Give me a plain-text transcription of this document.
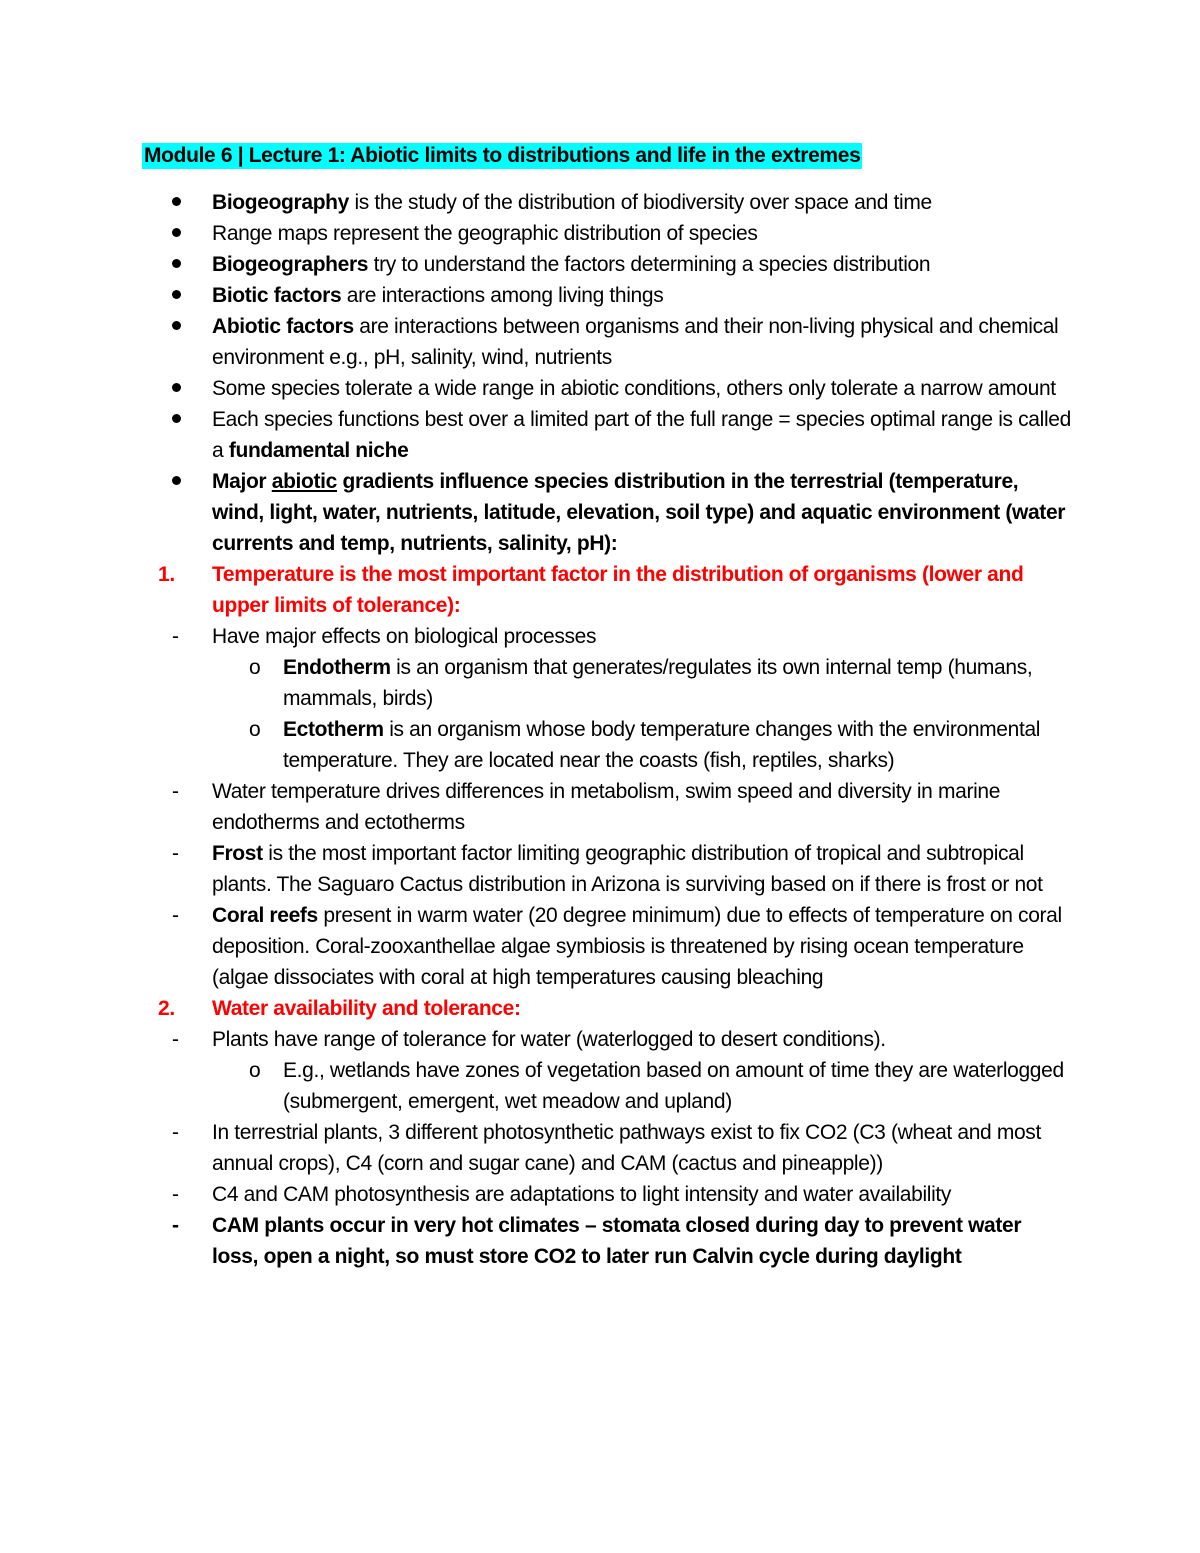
Module 6 | Lecture 1: Abiotic limits to distributions and life in the extremes
Biogeography is the study of the distribution of biodiversity over space and time
Range maps represent the geographic distribution of species
Biogeographers try to understand the factors determining a species distribution
Biotic factors are interactions among living things
Abiotic factors are interactions between organisms and their non-living physical and chemical environment e.g., pH, salinity, wind, nutrients
Some species tolerate a wide range in abiotic conditions, others only tolerate a narrow amount
Each species functions best over a limited part of the full range = species optimal range is called a fundamental niche
Major abiotic gradients influence species distribution in the terrestrial (temperature, wind, light, water, nutrients, latitude, elevation, soil type) and aquatic environment (water currents and temp, nutrients, salinity, pH):
1. Temperature is the most important factor in the distribution of organisms (lower and upper limits of tolerance):
- Have major effects on biological processes
o Endotherm is an organism that generates/regulates its own internal temp (humans, mammals, birds)
o Ectotherm is an organism whose body temperature changes with the environmental temperature. They are located near the coasts (fish, reptiles, sharks)
- Water temperature drives differences in metabolism, swim speed and diversity in marine endotherms and ectotherms
- Frost is the most important factor limiting geographic distribution of tropical and subtropical plants. The Saguaro Cactus distribution in Arizona is surviving based on if there is frost or not
- Coral reefs present in warm water (20 degree minimum) due to effects of temperature on coral deposition. Coral-zooxanthellae algae symbiosis is threatened by rising ocean temperature (algae dissociates with coral at high temperatures causing bleaching
2. Water availability and tolerance:
- Plants have range of tolerance for water (waterlogged to desert conditions).
o E.g., wetlands have zones of vegetation based on amount of time they are waterlogged (submergent, emergent, wet meadow and upland)
- In terrestrial plants, 3 different photosynthetic pathways exist to fix CO2 (C3 (wheat and most annual crops), C4 (corn and sugar cane) and CAM (cactus and pineapple))
- C4 and CAM photosynthesis are adaptations to light intensity and water availability
- CAM plants occur in very hot climates – stomata closed during day to prevent water loss, open a night, so must store CO2 to later run Calvin cycle during daylight
